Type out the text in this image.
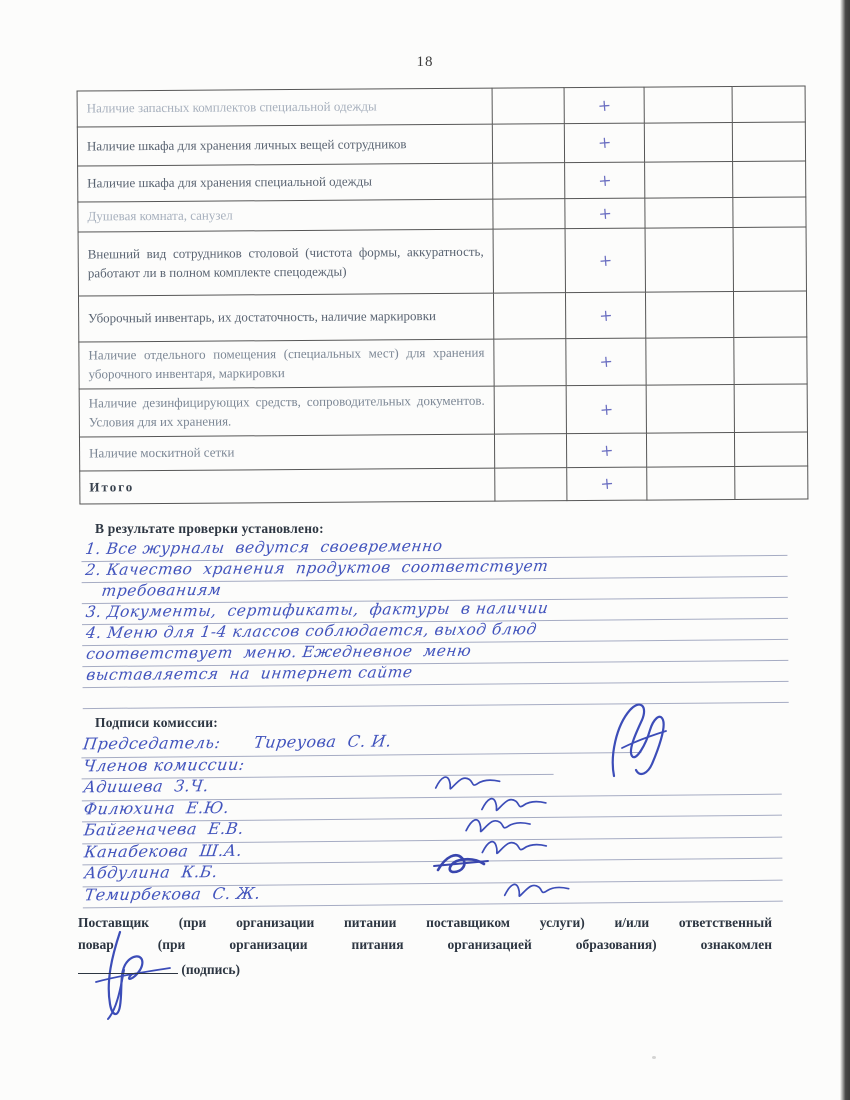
18
Наличие запасных комплектов специальной одежды		+		
Наличие шкафа для хранения личных вещей сотрудников		+		
Наличие шкафа для хранения специальной одежды		+		
Душевая комната, санузел		+		
Внешний вид сотрудников столовой (чистота формы, аккуратность, работают ли в полном комплекте спецодежды)		+		
Уборочный инвентарь, их достаточность, наличие маркировки		+		
Наличие отдельного помещения (специальных мест) для хранения уборочного инвентаря, маркировки		+		
Наличие дезинфицирующих средств, сопроводительных документов. Условия для их хранения.		+		
Наличие москитной сетки		+		
Итого		+		
В результате проверки установлено:
1. Все журналы  ведутся  своевременно
2. Качество  хранения  продуктов  соответствует
требованиям
3. Документы,  сертификаты,  фактуры  в наличии
4. Меню для 1-4 классов соблюдается, выход блюд
соответствует  меню. Ежедневное  меню
выставляется  на  интернет сайте
Подписи комиссии:
Председатель:      Тиреуова  С. И.
Членов комиссии:
Адишева  З.Ч.
Филюхина  Е.Ю.
Байгеначева  Е.В.
Канабекова  Ш.А.
Абдулина  К.Б.
Темирбекова  С. Ж.
Поставщик (при организации питании поставщиком услуги) и/или ответственный
повар (при организации питания организацией образования) ознакомлен
(подпись)
